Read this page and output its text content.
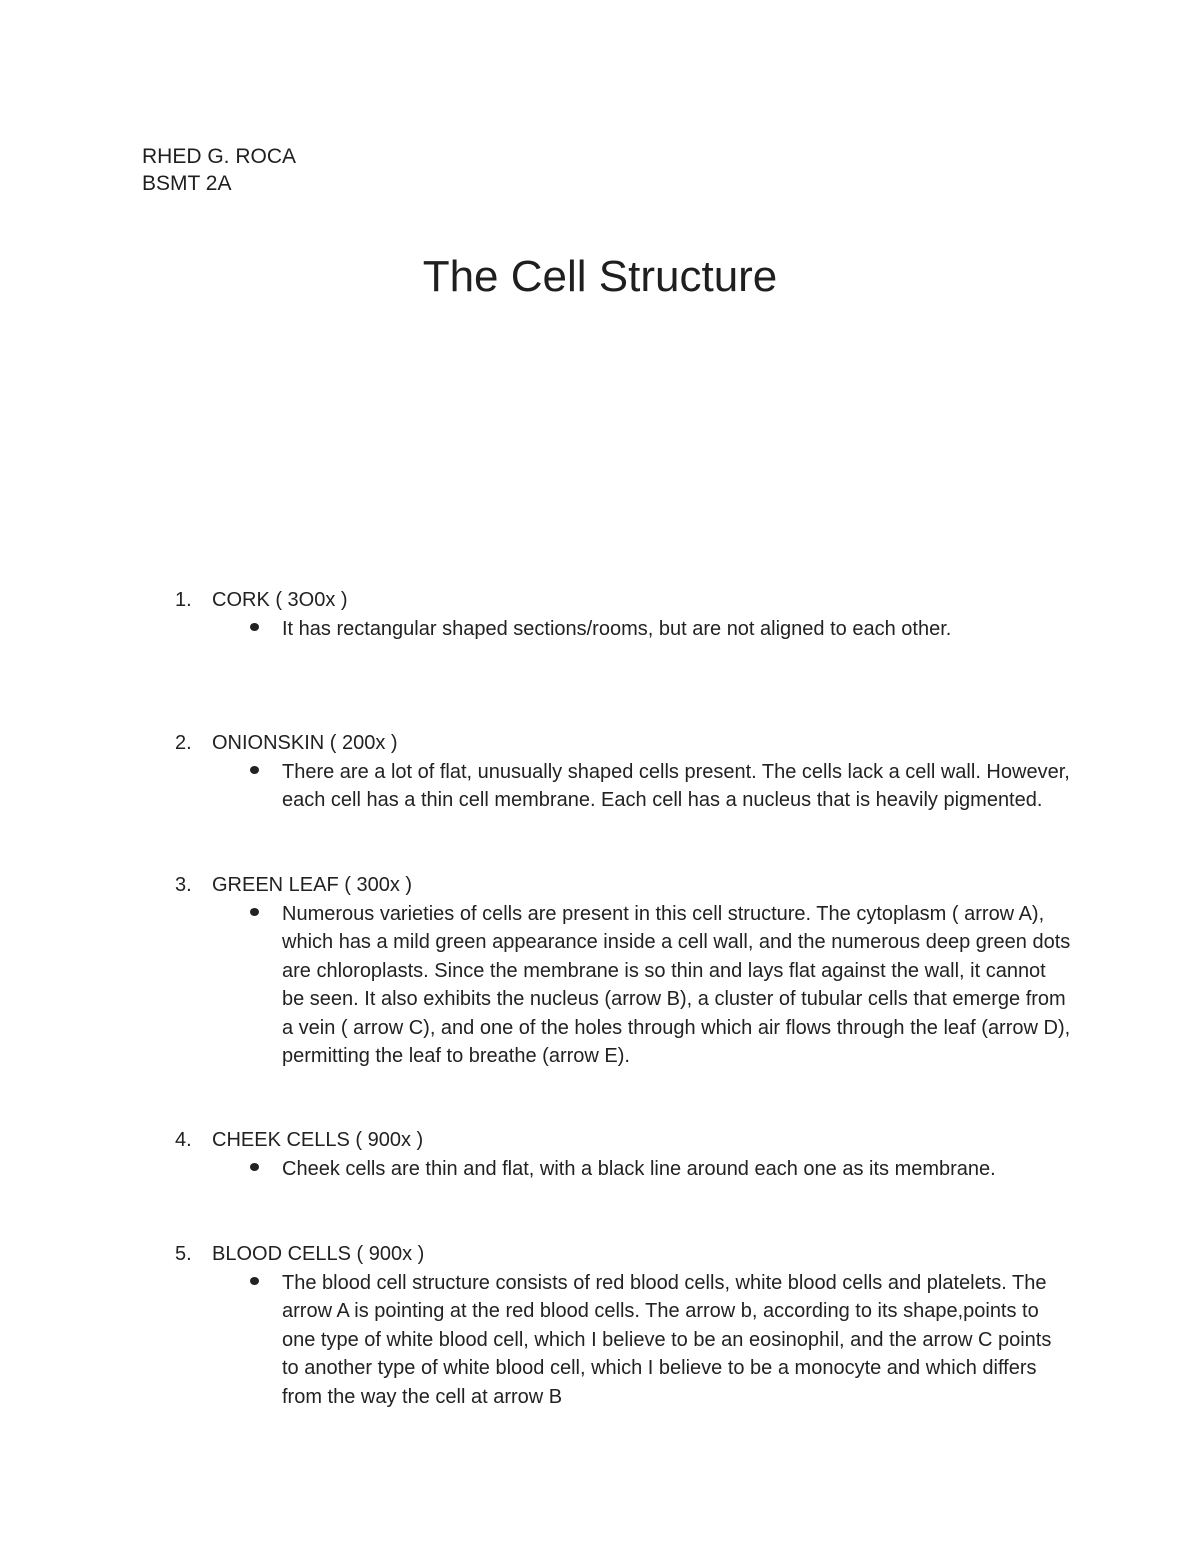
RHED G. ROCA
BSMT 2A
The Cell Structure
1. CORK ( 3O0x )

It has rectangular shaped sections/rooms, but are not aligned to each other.

2. ONIONSKIN ( 200x )

There are a lot of flat, unusually shaped cells present. The cells lack a cell wall. However, each cell has a thin cell membrane. Each cell has a nucleus that is heavily pigmented.

3. GREEN LEAF ( 300x )

Numerous varieties of cells are present in this cell structure. The cytoplasm ( arrow A), which has a mild green appearance inside a cell wall, and the numerous deep green dots are chloroplasts. Since the membrane is so thin and lays flat against the wall, it cannot be seen. It also exhibits the nucleus (arrow B), a cluster of tubular cells that emerge from a vein ( arrow C), and one of the holes through which air flows through the leaf (arrow D), permitting the leaf to breathe (arrow E).

4. CHEEK CELLS ( 900x )

Cheek cells are thin and flat, with a black line around each one as its membrane.

5. BLOOD CELLS ( 900x )

The blood cell structure consists of red blood cells, white blood cells and platelets. The arrow A is pointing at the red blood cells. The arrow b, according to its shape,points to one type of white blood cell, which I believe to be an eosinophil, and the arrow C points to another type of white blood cell, which I believe to be a monocyte and which differs from the way the cell at arrow B
